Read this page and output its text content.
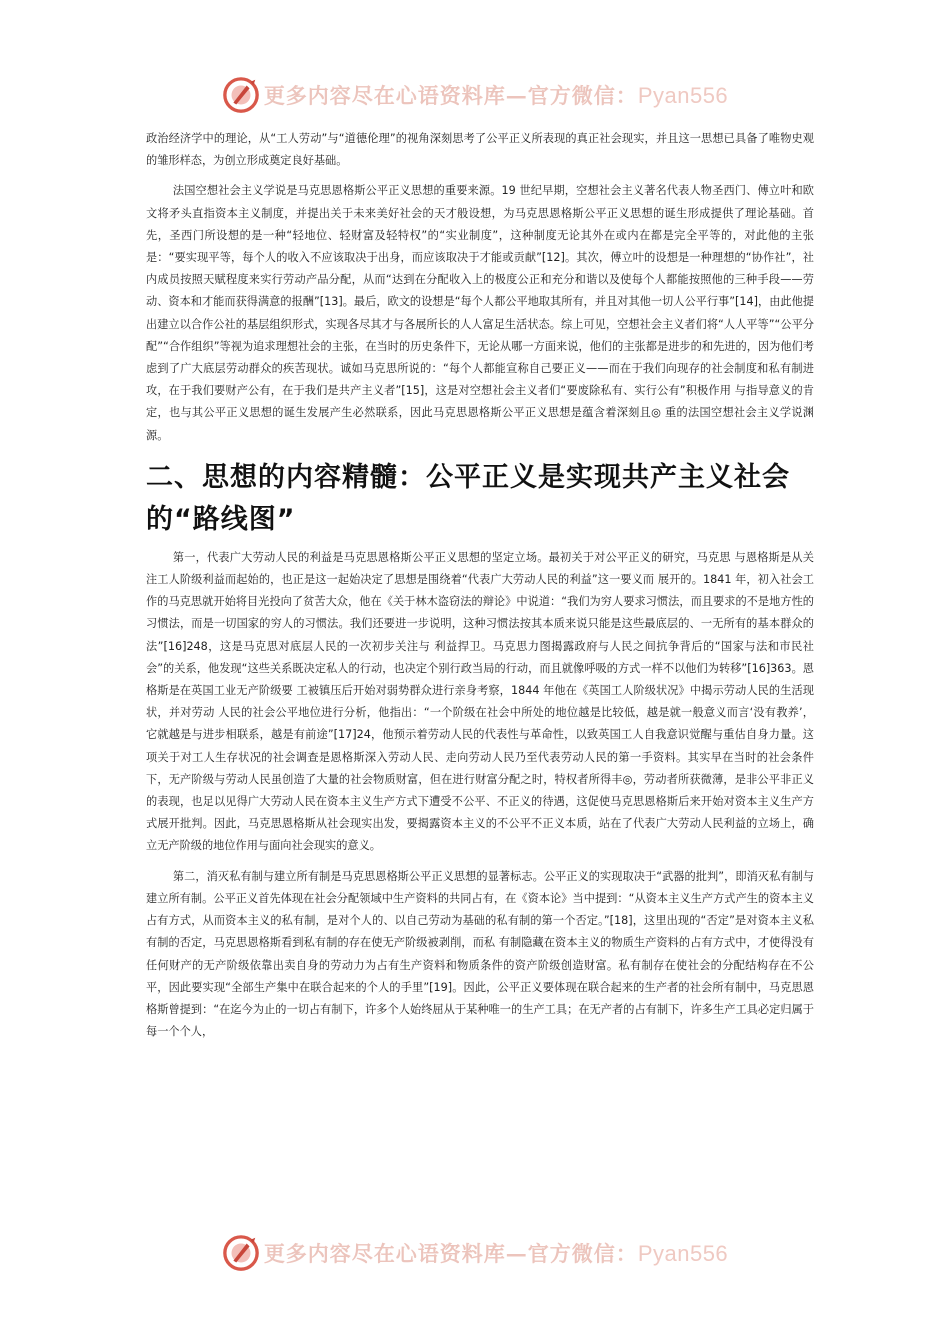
更多内容尽在心语资料库—官方微信：Pyan556

政治经济学中的理论，从“工人劳动”与“道德伦理”的视角深刻思考了公平正义所表现的真正社会现实，并且这一思想已具备了唯物史观的雏形样态，为创立形成奠定良好基础。

法国空想社会主义学说是马克思恩格斯公平正义思想的重要来源。19 世纪早期，空想社会主义著名代表人物圣西门、傅立叶和欧文将矛头直指资本主义制度，并提出关于未来美好社会的天才般设想，为马克思恩格斯公平正义思想的诞生形成提供了理论基础。首先，圣西门所设想的是一种“轻地位、轻财富及轻特权”的“实业制度”，这种制度无论其外在或内在都是完全平等的，对此他的主张是：“要实现平等，每个人的收入不应该取决于出身，而应该取决于才能或贡献”[12]。其次，傅立叶的设想是一种理想的“协作社”，社内成员按照天赋程度来实行劳动产品分配，从而“达到在分配收入上的极度公正和充分和谐以及使每个人都能按照他的三种手段——劳动、资本和才能而获得满意的报酬”[13]。最后，欧文的设想是“每个人都公平地取其所有，并且对其他一切人公平行事”[14]，由此他提出建立以合作公社的基层组织形式，实现各尽其才与各展所长的人人富足生活状态。综上可见，空想社会主义者们将“人人平等”“公平分配”“合作组织”等视为追求理想社会的主张，在当时的历史条件下，无论从哪一方面来说，他们的主张都是进步的和先进的，因为他们考虑到了广大底层劳动群众的疾苦现状。诚如马克思所说的：“每个人都能宣称自己要正义——而在于我们向现存的社会制度和私有制进攻，在于我们要财产公有，在于我们是共产主义者”[15]，这是对空想社会主义者们“要废除私有、实行公有”积极作用 与指导意义的肯定，也与其公平正义思想的诞生发展产生必然联系，因此马克思恩格斯公平正义思想是蕴含着深刻且◎ 重的法国空想社会主义学说渊源。

二、思想的内容精髓：公平正义是实现共产主义社会的“路线图”

第一，代表广大劳动人民的利益是马克思恩格斯公平正义思想的坚定立场。最初关于对公平正义的研究，马克思 与恩格斯是从关注工人阶级利益而起始的，也正是这一起始决定了思想是围绕着“代表广大劳动人民的利益”这一要义而 展开的。1841 年，初入社会工作的马克思就开始将目光投向了贫苦大众，他在《关于林木盗窃法的辩论》中说道：“我们为穷人要求习惯法，而且要求的不是地方性的习惯法，而是一切国家的穷人的习惯法。我们还要进一步说明，这种习惯法按其本质来说只能是这些最底层的、一无所有的基本群众的法”[16]248，这是马克思对底层人民的一次初步关注与 利益捍卫。马克思力图揭露政府与人民之间抗争背后的“国家与法和市民社会”的关系，他发现“这些关系既决定私人的行动，也决定个别行政当局的行动，而且就像呼吸的方式一样不以他们为转移”[16]363。恩格斯是在英国工业无产阶级要 工被镇压后开始对弱势群众进行亲身考察，1844 年他在《英国工人阶级状况》中揭示劳动人民的生活现状，并对劳动 人民的社会公平地位进行分析，他指出：“一个阶级在社会中所处的地位越是比较低，越是就一般意义而言‘没有教养’， 它就越是与进步相联系，越是有前途”[17]24，他预示着劳动人民的代表性与革命性，以致英国工人自我意识觉醒与重估自身力量。这项关于对工人生存状况的社会调查是恩格斯深入劳动人民、走向劳动人民乃至代表劳动人民的第一手资料。其实早在当时的社会条件下，无产阶级与劳动人民虽创造了大量的社会物质财富，但在进行财富分配之时，特权者所得丰◎，劳动者所获微薄，是非公平非正义的表现，也足以见得广大劳动人民在资本主义生产方式下遭受不公平、不正义的待遇，这促使马克思恩格斯后来开始对资本主义生产方式展开批判。因此，马克思恩格斯从社会现实出发，要揭露资本主义的不公平不正义本质，站在了代表广大劳动人民利益的立场上，确立无产阶级的地位作用与面向社会现实的意义。

第二，消灭私有制与建立所有制是马克思恩格斯公平正义思想的显著标志。公平正义的实现取决于“武器的批判”，即消灭私有制与建立所有制。公平正义首先体现在社会分配领域中生产资料的共同占有，在《资本论》当中提到：“从资本主义生产方式产生的资本主义占有方式，从而资本主义的私有制，是对个人的、以自己劳动为基础的私有制的第一个否定。”[18]，这里出现的“否定”是对资本主义私有制的否定，马克思恩格斯看到私有制的存在使无产阶级被剥削，而私 有制隐藏在资本主义的物质生产资料的占有方式中，才使得没有任何财产的无产阶级依靠出卖自身的劳动力为占有生产资料和物质条件的资产阶级创造财富。私有制存在使社会的分配结构存在不公平，因此要实现“全部生产集中在联合起来的个人的手里”[19]。因此，公平正义要体现在联合起来的生产者的社会所有制中，马克思恩格斯曾提到：“在迄今为止的一切占有制下，许多个人始终屈从于某种唯一的生产工具；在无产者的占有制下，许多生产工具必定归属于每一个个人，

更多内容尽在心语资料库—官方微信：Pyan556
